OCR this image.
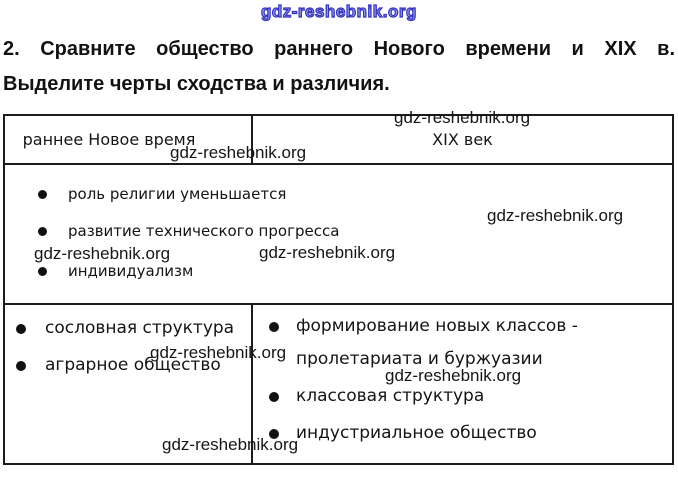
gdz-reshebnik.org
2. Сравните общество раннего Нового времени и XIX в.
Выделите черты сходства и различия.
раннее Новое время	XIX век
роль религии уменьшается
развитие технического прогресса
индивидуализм
сословная структура
аграрное общество
формирование новых классов -
пролетариата и буржуазии
классовая структура
индустриальное общество
gdz-reshebnik.org
gdz-reshebnik.org
gdz-reshebnik.org
gdz-reshebnik.org	gdz-reshebnik.org
gdz-reshebnik.org
gdz-reshebnik.org
gdz-reshebnik.org
